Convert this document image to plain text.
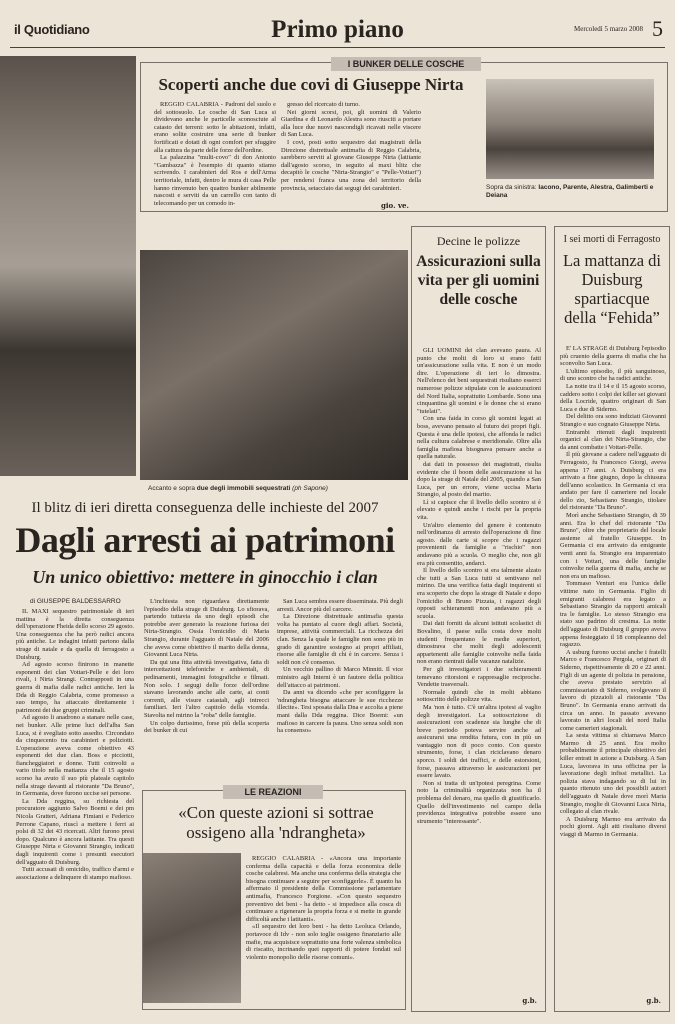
il Quotidiano	Primo piano	Mercoledì 5 marzo 2008 5
Accanto e sopra due degli immobili sequestrati (ph Sapone)
I BUNKER DELLE COSCHE
Scoperti anche due covi di Giuseppe Nirta

REGGIO CALABRIA - Padroni del suolo e del sottosuolo. Le cosche di San Luca si dividevano anche le particelle sconosciute al catasto dei terreni: sotto le abitazioni, infatti, erano solite costruire una serie di bunker fortificati e dotati di ogni comfort per sfuggire alla cattura da parte delle forze dell'ordine.

La palazzina "multi-covo" di don Antonio "Gambazza" è l'esempio di quanto stiamo scrivendo. I carabinieri del Ros e dell'Arma territoriale, infatti, dentro le mura di casa Pelle hanno rinvenuto ben quattro bunker abilmente nascosti e serviti da un carrello con tanto di telecomando per un comodo in-

gresso del ricercato di turno.

Nei giorni scorsi, poi, gli uomini di Valerio Giardina e di Leonardo Alestra sono riusciti a portare alla luce due nuovi nascondigli ricavati nelle viscere di San Luca.

I covi, posti sotto sequestro dai magistrati della Direzione distrettuale antimafia di Reggio Calabria, sarebbero serviti al giovane Giuseppe Nirta (latitante dall'agosto scorso, in seguito al maxi blitz che decapitò le cosche "Nirta-Strangio" e "Pelle-Vottari") per rendersi franca una zona del territorio della provincia, setacciato dai segugi dei carabinieri.

gio. ve.
Sopra da sinistra: Iacono, Parente, Alestra, Galimberti e Deiana
Il blitz di ieri diretta conseguenza delle inchieste del 2007
Dagli arresti ai patrimoni
Un unico obiettivo: mettere in ginocchio i clan
di GIUSEPPE BALDESSARRO

IL MAXI sequestro patrimoniale di ieri mattina è la diretta conseguenza dell'operazione Fheida dello scorso 29 agosto. Una conseguenza che ha però radici ancora più antiche. Le indagini infatti partono dalla strage di natale e da quella di ferragosto a Duisburg.

Ad agosto scorso finirono in manette esponenti dei clan Vottari-Pelle e dei loro rivali, i Nirta Strangi. Contrapposti in una guerra di mafia dalle radici antiche. Ieri la Dda di Reggio Calabria, come promesso a suo tempo, ha attaccato direttamente i patrimoni dei due gruppi criminali.

Ad agosto li anadrono a stanare nelle case, nei bunker. Alle prime luci dell'alba San Luca, si è svegliato sotto assedio. Circondato da cinquecento tra carabinieri e poliziotti. L'operazione aveva come obiettivo 43 esponenti dei due clan. Boss e picciotti, fiancheggiatori e donne. Tutti coinvolti a vario titolo nella mattanza che il 15 agosto scorso ha avuto il suo più plateale capitolo nella strage davanti al ristorante "Da Bruno", in Germania, dove furono uccise sei persone.

La Dda reggina, su richiesta del procuratore aggiunto Salvo Boemi e dei pm Nicola Gratteri, Adriana Fimiani e Federico Perrone Capano, riuscì a mettere i ferri ai polsi di 32 dei 43 ricercati. Altri furono presi dopo. Qualcuno è ancora latitante. Tra questi Giuseppe Nirta e Giovanni Strangio, indicati dagli inquirenti come i presunti esecutori dell'agguato di Duisburg.

Tutti accusati di omicidio, traffico d'armi e associazione a delinquere di stampo mafioso.

L'inchiesta non riguardava direttamente l'episodio della strage di Duisburg. Lo sfiorava, partendo tuttavia da uno degli episodi che potrebbe aver generato la reazione furiosa dei Nirta-Strangio. Ossia l'omicidio di Maria Strangio, durante l'agguato di Natale del 2006 che aveva come obiettivo il marito della donna, Giovanni Luca Nirta.

Da qui una fitta attività investigativa, fatta di intercettazioni telefoniche e ambientali, di pedinamenti, immagini fotografiche e filmati. Non solo. I segugi delle forze dell'ordine stavano lavorando anche alle carte, ai conti correnti, alle visure catastali, agli intrecci familiari. Ieri l'altro capitolo della vicenda. Stavolta nel mirino la "roba" delle famiglie.

Un colpo durissimo, forse più della scoperta dei bunker di cui

San Luca sembra essere disseminata. Più degli arresti. Ancor più del carcere.

La Direzione distrettuale antimafia questa volta ha puntato al cuore degli affari. Società, imprese, attività commerciali. La ricchezza dei clan. Senza la quale le famiglie non sono più in grado di garantire sostegno ai propri affiliati, risorse alle famiglie di chi è in carcere. Senza i soldi non c'è consenso.

Un vecchio pallino di Marco Minniti. Il vice ministro agli Interni è un fautore della politica dell'attacco ai patrimoni.

Da anni va dicendo «che per sconfiggere la 'ndrangheta bisogna attaccare le sue ricchezze illecite». Tesi sposata dalla Dna e accolta a piene mani dalla Dda reggina. Dice Boemi: «un mafioso in carcere fa paura. Uno senza soldi non ha consenso»

LE REAZIONI
«Con queste azioni si sottrae ossigeno alla 'ndrangheta»

REGGIO CALABRIA - «Ancora una importante conferma della capacità e della forza economica delle cosche calabresi. Ma anche una conferma della strategia che bisogna continuare a seguire per sconfiggerle». È quanto ha affermato il presidente della Commissione parlamentare antimafia, Francesco Forgione. «Con questo sequestro preventivo dei beni - ha detto - si impedisce alla cosca di continuare a rigenerare la propria forza e si mette in grande difficoltà anche i latitanti».

«Il sequestro dei loro beni - ha detto Leoluca Orlando, portavoce di Idv - non solo toglie ossigeno finanziario alle mafie, ma acquisisce soprattutto una forte valenza simbolica di riscatto, incrinando quei rapporti di potere fondati sul violento monopolio delle risorse comuni».

Decine le polizze
Assicurazioni sulla vita per gli uomini delle cosche

GLI UOMINI dei clan avevano paura. Al punto che molti di loro si erano fatti un'assicurazione sulla vita. E non è un modo dire. L'operazione di ieri lo dimostra. Nell'elenco dei beni sequestrati risultano esserci numerose polizze stipulate con le assicurazioni del Nord Italia, soprattutto Lombarde. Sono una cinquantina gli uomini e le donne che si erano "tutelati".

Con una faida in corso gli uomini legati ai boss, avevano pensato al futuro dei propri figli. Questa è una delle ipotesi, che affonda le radici nella cultura calabrese e meridionale. Oltre alla famiglia mafiosa bisognava pensare anche a quella naturale.

dai dati in possesso dei magistrati, risulta evidente che il boom delle assicurazione si ha dopo la strage di Natale del 2005, quando a San Luca, per un errore, viene uccisa Maria Strangio, al posto del marito.

Lì si capisce che il livello dello scontro si è elevato e quindi anche i rischi per la propria vita.

Un'altro elemento del genere è contenuto nell'ordinanza di arresto dell'operazione di fine agosto. dalle carte si scopre che i ragazzi provenienti da famiglie a "rischio" non andavano più a scuola. O meglio che, non gli era più consentito, andarci.

Il livello dello scontro si era talmente alzato che tutti a San Luca tutti si sentivano nel mirino. Da una verifica fatta dagli inquirenti si era scoperto che dopo la strage di Natale e dopo l'omicidio di Bruno Pizzata, i ragazzi degli opposti schieramenti non andavano più a scuola.

Dai dati forniti da alcuni istituti scolastici di Bovalino, il paese sulla costa dove molti studenti frequentano le medie superiori, dimostrava che molti degli adolescenti appartenenti alle famiglie coinvolte nella faida non erano rientrati dalle vacanze natalizie.

Per gli investigatori i due schieramenti temevano ritorsioni e rappresaglie reciproche. Vendette trasversali.

Normale quindi che in molti abbiano sottoscritto delle polizze vita.

Ma 'non è tutto. C'è un'altra ipotesi al vaglio degli investigatori. La sottoscrizione di assicurazioni con scadenze sia lunghe che di breve periodo poteva servire anche ad assicurarsi una rendita futura, con in più un vantaggio non di poco conto. Con questo strumento, forse, i clan riciclavano denaro sporco. I soldi dei traffici, e delle estorsioni, forse, passava attraverso le assicurazioni per essere lavato.

Non si tratta di un'ipotesi peregrina. Come noto la criminalità organizzata non ha il problema del denaro, ma quello di giustificarlo. Quello dell'investimento nel campo della previdenza integrativa potrebbe essere uno strumento "interessante".

g.b.
I sei morti di Ferragosto
La mattanza di Duisburg spartiacque della “Fehida”

E' LA STRAGE di Duisburg l'episodio più cruento della guerra di mafia che ha sconvolto San Luca.

L'ultimo episodio, il più sanguinoso, di uno scontro che ha radici antiche.

La notte tra il 14 e il 15 agosto scorso, caddero sotto i colpi dei killer sei giovani della Locride, quattro originari di San Luca e due di Siderno.

Del delitto ora sono indiziati Giovanni Strangio e suo cognato Giuseppe Nirta.

Entrambi ritenuti dagli inquirenti organici al clan dei Nirta-Strangio, che da anni combatte i Vottari-Pelle.

Il più giovane a cadere nell'agguato di Ferragosto, fu Francesco Giorgi, aveva appena 17 anni. A Duisburg ci era arrivato a fine giugno, dopo la chiusura dell'anno scolastico. In Germania ci era andato per fare il cameriere nel locale dello zio, Sebastiano Strangio, titolare del ristorante "Da Bruno".

Morì anche Sebastiano Strangio, di 39 anni. Era lo chef del ristorante "Da Bruno", oltre che proprietario del locale assieme al fratello Giuseppe. In Germania ci era arrivato da emigrante venti anni fa. Strangio era imparentato con i Vottari, una delle famiglie coinvolte nella guerra di mafia, anche se non era un mafioso.

Tommaso Venturi era l'unica delle vittime nato in Germania. Figlio di emigranti calabresi era legato a Sebastiano Strangio da rapporti amicali tra le famiglie. Lo stesso Strangio era stato suo padrino di cresima. La notte dell'agguato di Duisburg il gruppo aveva appena festeggiato il 18 compleanno del ragazzo.

A usburg furono uccisi anche i fratelli Marco e Francesco Pergola, originari di Siderno, rispettivamente di 20 e 22 anni. Figli di un agente di polizia in pensione, che aveva prestato servizio al commissariato di Siderno, svolgevano il lavoro di pizzaioli al ristorante "Da Bruno". In Germania erano arrivati da circa un anno. In passato avevano lavorato in altri locali del nord Italia come camerieri stagionali.

La sesta vittima si chiamava Marco Marmo di 25 anni. Era molto probabilmente il principale obiettivo dei killer entrati in azione a Duisburg. A San Luca, lavorava in una officina per la lavorazione degli infissi metallici. La polizia stava indagando su di lui in quanto ritenuto uno dei possibili autori dell'agguato di Natale dove morì Maria Strangio, moglie di Giovanni Luca Nirta, collegato al clan rivale.

A Duisburg Marmo era arrivato da pochi giorni. Agli atti risultano diversi viaggi di Marmo in Germania.

g.b.
